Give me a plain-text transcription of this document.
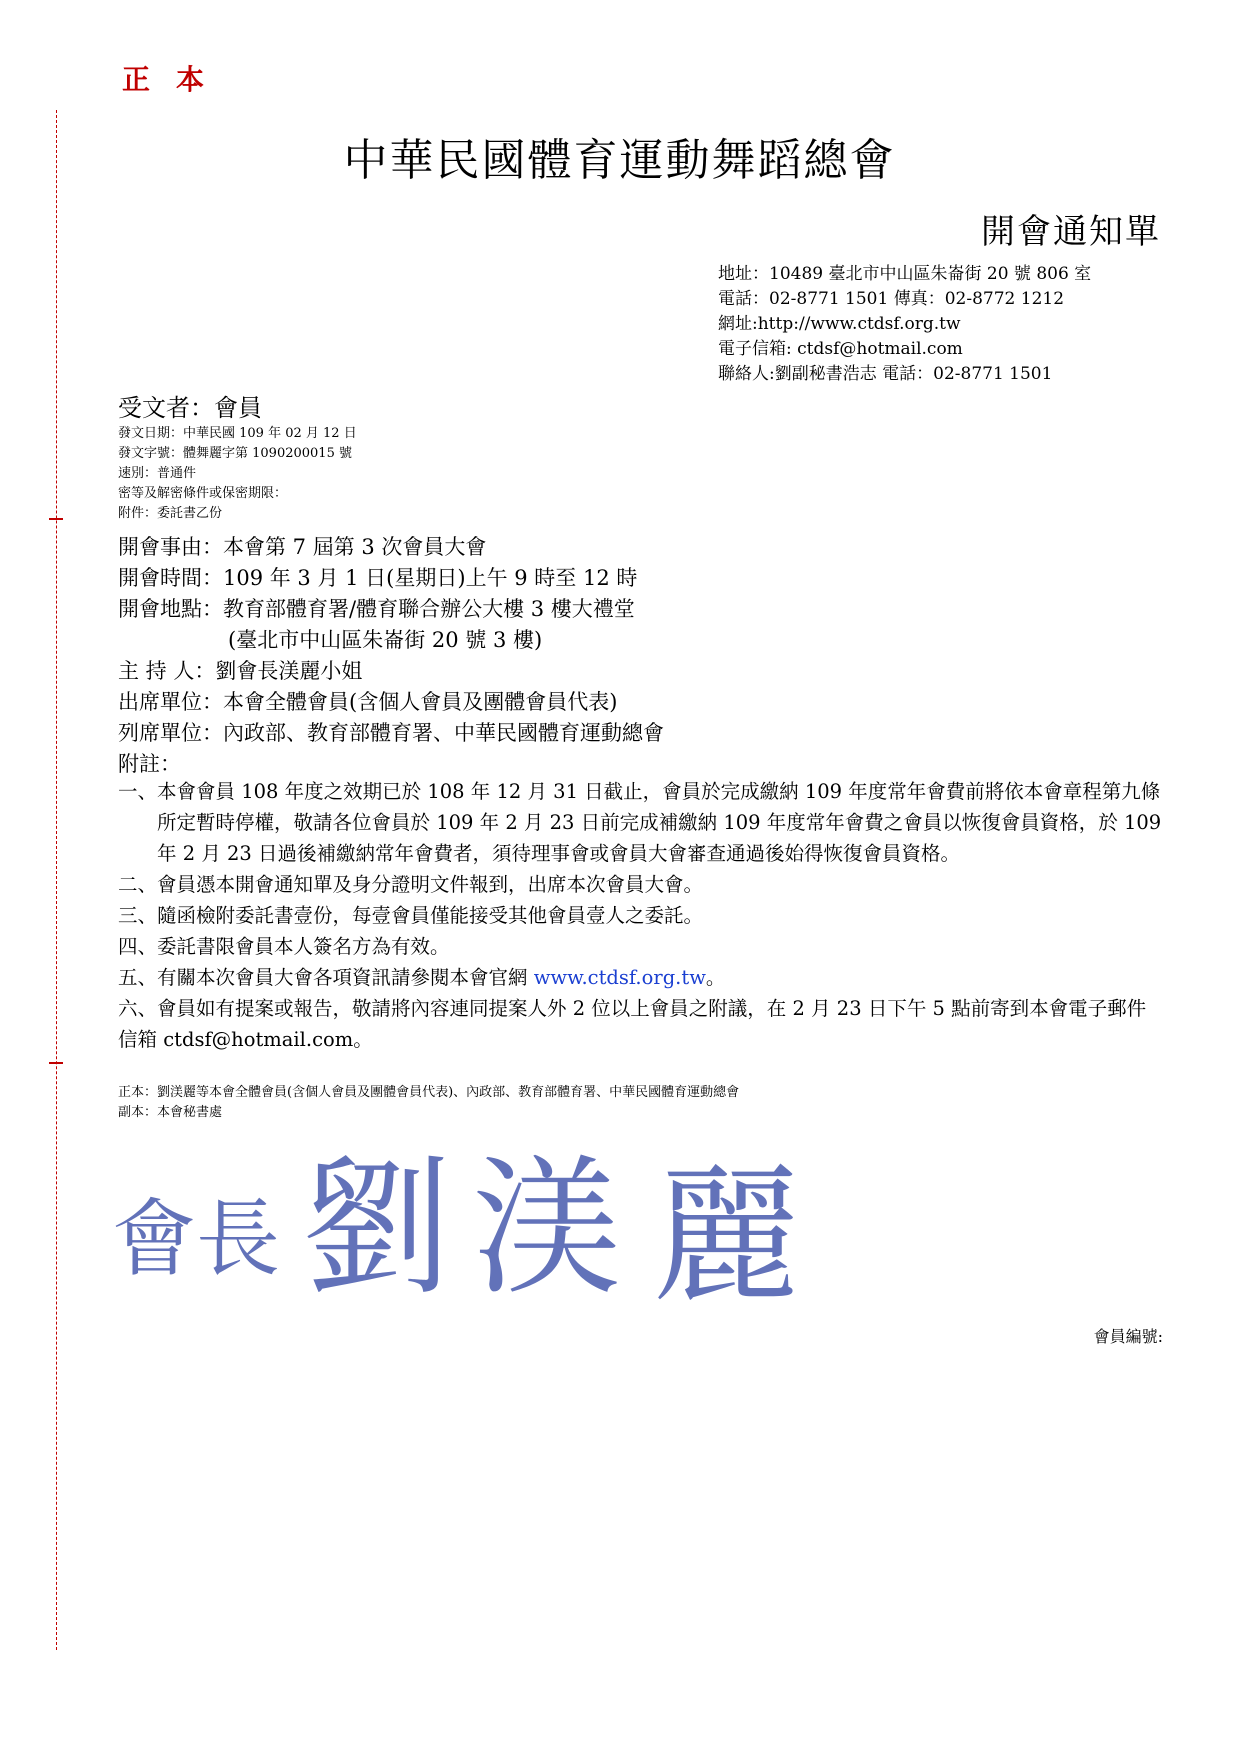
正本
中華民國體育運動舞蹈總會
開會通知單
地址：10489 臺北市中山區朱崙街 20 號 806 室
電話：02-8771 1501 傳真：02-8772 1212
網址:http://www.ctdsf.org.tw
電子信箱: ctdsf@hotmail.com
聯絡人:劉副秘書浩志 電話：02-8771 1501
受文者：會員
發文日期：中華民國 109 年 02 月 12 日
發文字號：體舞麗字第 1090200015 號
速別：普通件
密等及解密條件或保密期限：
附件：委託書乙份
開會事由：本會第 7 屆第 3 次會員大會
開會時間：109 年 3 月 1 日(星期日)上午 9 時至 12 時
開會地點：教育部體育署/體育聯合辦公大樓 3 樓大禮堂
(臺北市中山區朱崙街 20 號 3 樓)
主 持 人：劉會長渼麗小姐
出席單位：本會全體會員(含個人會員及團體會員代表)
列席單位：內政部、教育部體育署、中華民國體育運動總會
附註：
一、 本會會員 108 年度之效期已於 108 年 12 月 31 日截止，會員於完成繳納 109 年度常年會費前將依本會章程第九條所定暫時停權，敬請各位會員於 109 年 2 月 23 日前完成補繳納 109 年度常年會費之會員以恢復會員資格，於 109 年 2 月 23 日過後補繳納常年會費者，須待理事會或會員大會審查通過後始得恢復會員資格。
二、會員憑本開會通知單及身分證明文件報到，出席本次會員大會。
三、隨函檢附委託書壹份，每壹會員僅能接受其他會員壹人之委託。
四、委託書限會員本人簽名方為有效。
五、有關本次會員大會各項資訊請參閱本會官網 www.ctdsf.org.tw。
六、會員如有提案或報告，敬請將內容連同提案人外 2 位以上會員之附議，在 2 月 23 日下午 5 點前寄到本會電子郵件信箱 ctdsf@hotmail.com。
正本：劉渼麗等本會全體會員(含個人會員及團體會員代表)、內政部、教育部體育署、中華民國體育運動總會
副本：本會秘書處
會長 劉 渼 麗
會員編號:
